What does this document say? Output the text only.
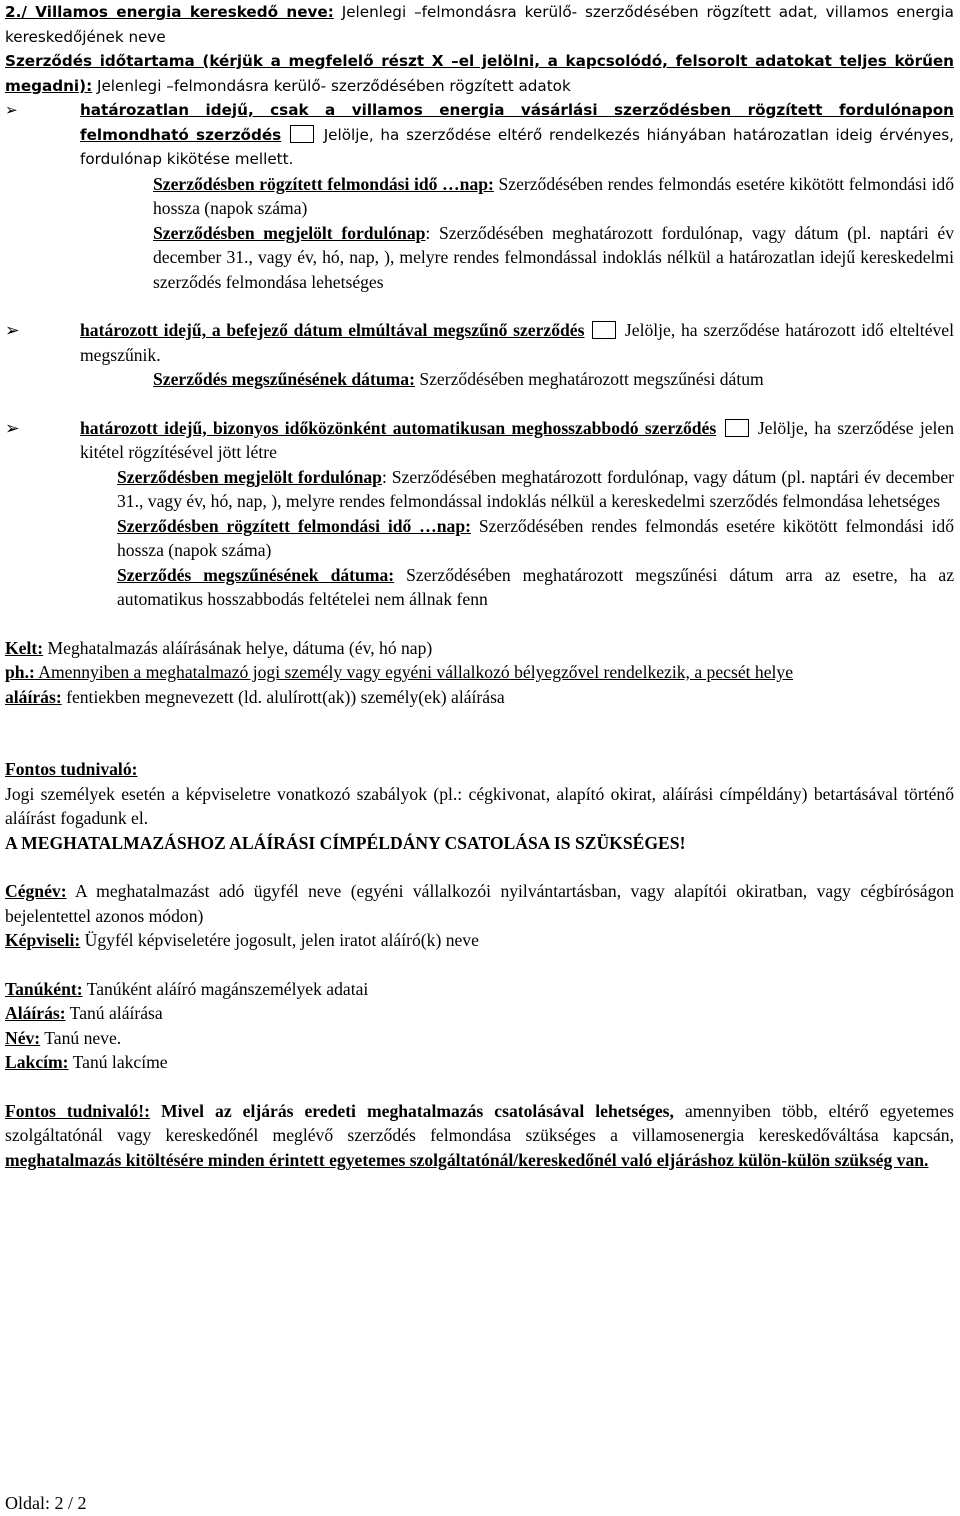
2./ Villamos energia kereskedő neve: Jelenlegi –felmondásra kerülő- szerződésében rögzített adat, villamos energia kereskedőjének neve

Szerződés időtartama (kérjük a megfelelő részt X –el jelölni, a kapcsolódó, felsorolt adatokat teljes körűen megadni): Jelenlegi –felmondásra kerülő- szerződésében rögzített adatok

➢	határozatlan idejű, csak a villamos energia vásárlási szerződésben rögzített fordulónapon felmondható szerződés  Jelölje, ha szerződése eltérő rendelkezés hiányában határozatlan ideig érvényes, fordulónap kikötése mellett.

Szerződésben rögzített felmondási idő …nap: Szerződésében rendes felmondás esetére kikötött felmondási idő hossza (napok száma)

Szerződésben megjelölt fordulónap: Szerződésében meghatározott fordulónap, vagy dátum (pl. naptári év december 31., vagy év, hó, nap, ), melyre rendes felmondással indoklás nélkül a határozatlan idejű kereskedelmi szerződés felmondása lehetséges

➢	határozott idejű, a befejező dátum elmúltával megszűnő szerződés  Jelölje, ha szerződése határozott idő elteltével megszűnik.

Szerződés megszűnésének dátuma: Szerződésében meghatározott megszűnési dátum

➢	határozott idejű, bizonyos időközönként automatikusan meghosszabbodó szerződés  Jelölje, ha szerződése jelen kitétel rögzítésével jött létre

Szerződésben megjelölt fordulónap: Szerződésében meghatározott fordulónap, vagy dátum (pl. naptári év december 31., vagy év, hó, nap, ), melyre rendes felmondással indoklás nélkül a kereskedelmi szerződés felmondása lehetséges

Szerződésben rögzített felmondási idő …nap: Szerződésében rendes felmondás esetére kikötött felmondási idő hossza (napok száma)

Szerződés megszűnésének dátuma: Szerződésében meghatározott megszűnési dátum arra az esetre, ha az automatikus hosszabbodás feltételei nem állnak fenn

Kelt: Meghatalmazás aláírásának helye, dátuma (év, hó nap)

ph.: Amennyiben a meghatalmazó jogi személy vagy egyéni vállalkozó bélyegzővel rendelkezik, a pecsét helye

aláírás: fentiekben megnevezett (ld. alulírott(ak)) személy(ek) aláírása

Fontos tudnivaló:

Jogi személyek esetén a képviseletre vonatkozó szabályok (pl.: cégkivonat, alapító okirat, aláírási címpéldány) betartásával történő aláírást fogadunk el.

A MEGHATALMAZÁSHOZ ALÁÍRÁSI CÍMPÉLDÁNY CSATOLÁSA IS SZÜKSÉGES!

Cégnév: A meghatalmazást adó ügyfél neve (egyéni vállalkozói nyilvántartásban, vagy alapítói okiratban, vagy cégbíróságon bejelentettel azonos módon)

Képviseli: Ügyfél képviseletére jogosult, jelen iratot aláíró(k) neve

Tanúként: Tanúként aláíró magánszemélyek adatai

Aláírás: Tanú aláírása

Név: Tanú neve.

Lakcím: Tanú lakcíme

Fontos tudnivaló!: Mivel az eljárás eredeti meghatalmazás csatolásával lehetséges, amennyiben több, eltérő egyetemes szolgáltatónál vagy kereskedőnél meglévő szerződés felmondása szükséges a villamosenergia kereskedőváltása kapcsán, meghatalmazás kitöltésére minden érintett egyetemes szolgáltatónál/kereskedőnél való eljáráshoz külön-külön szükség van.

Oldal: 2 / 2
